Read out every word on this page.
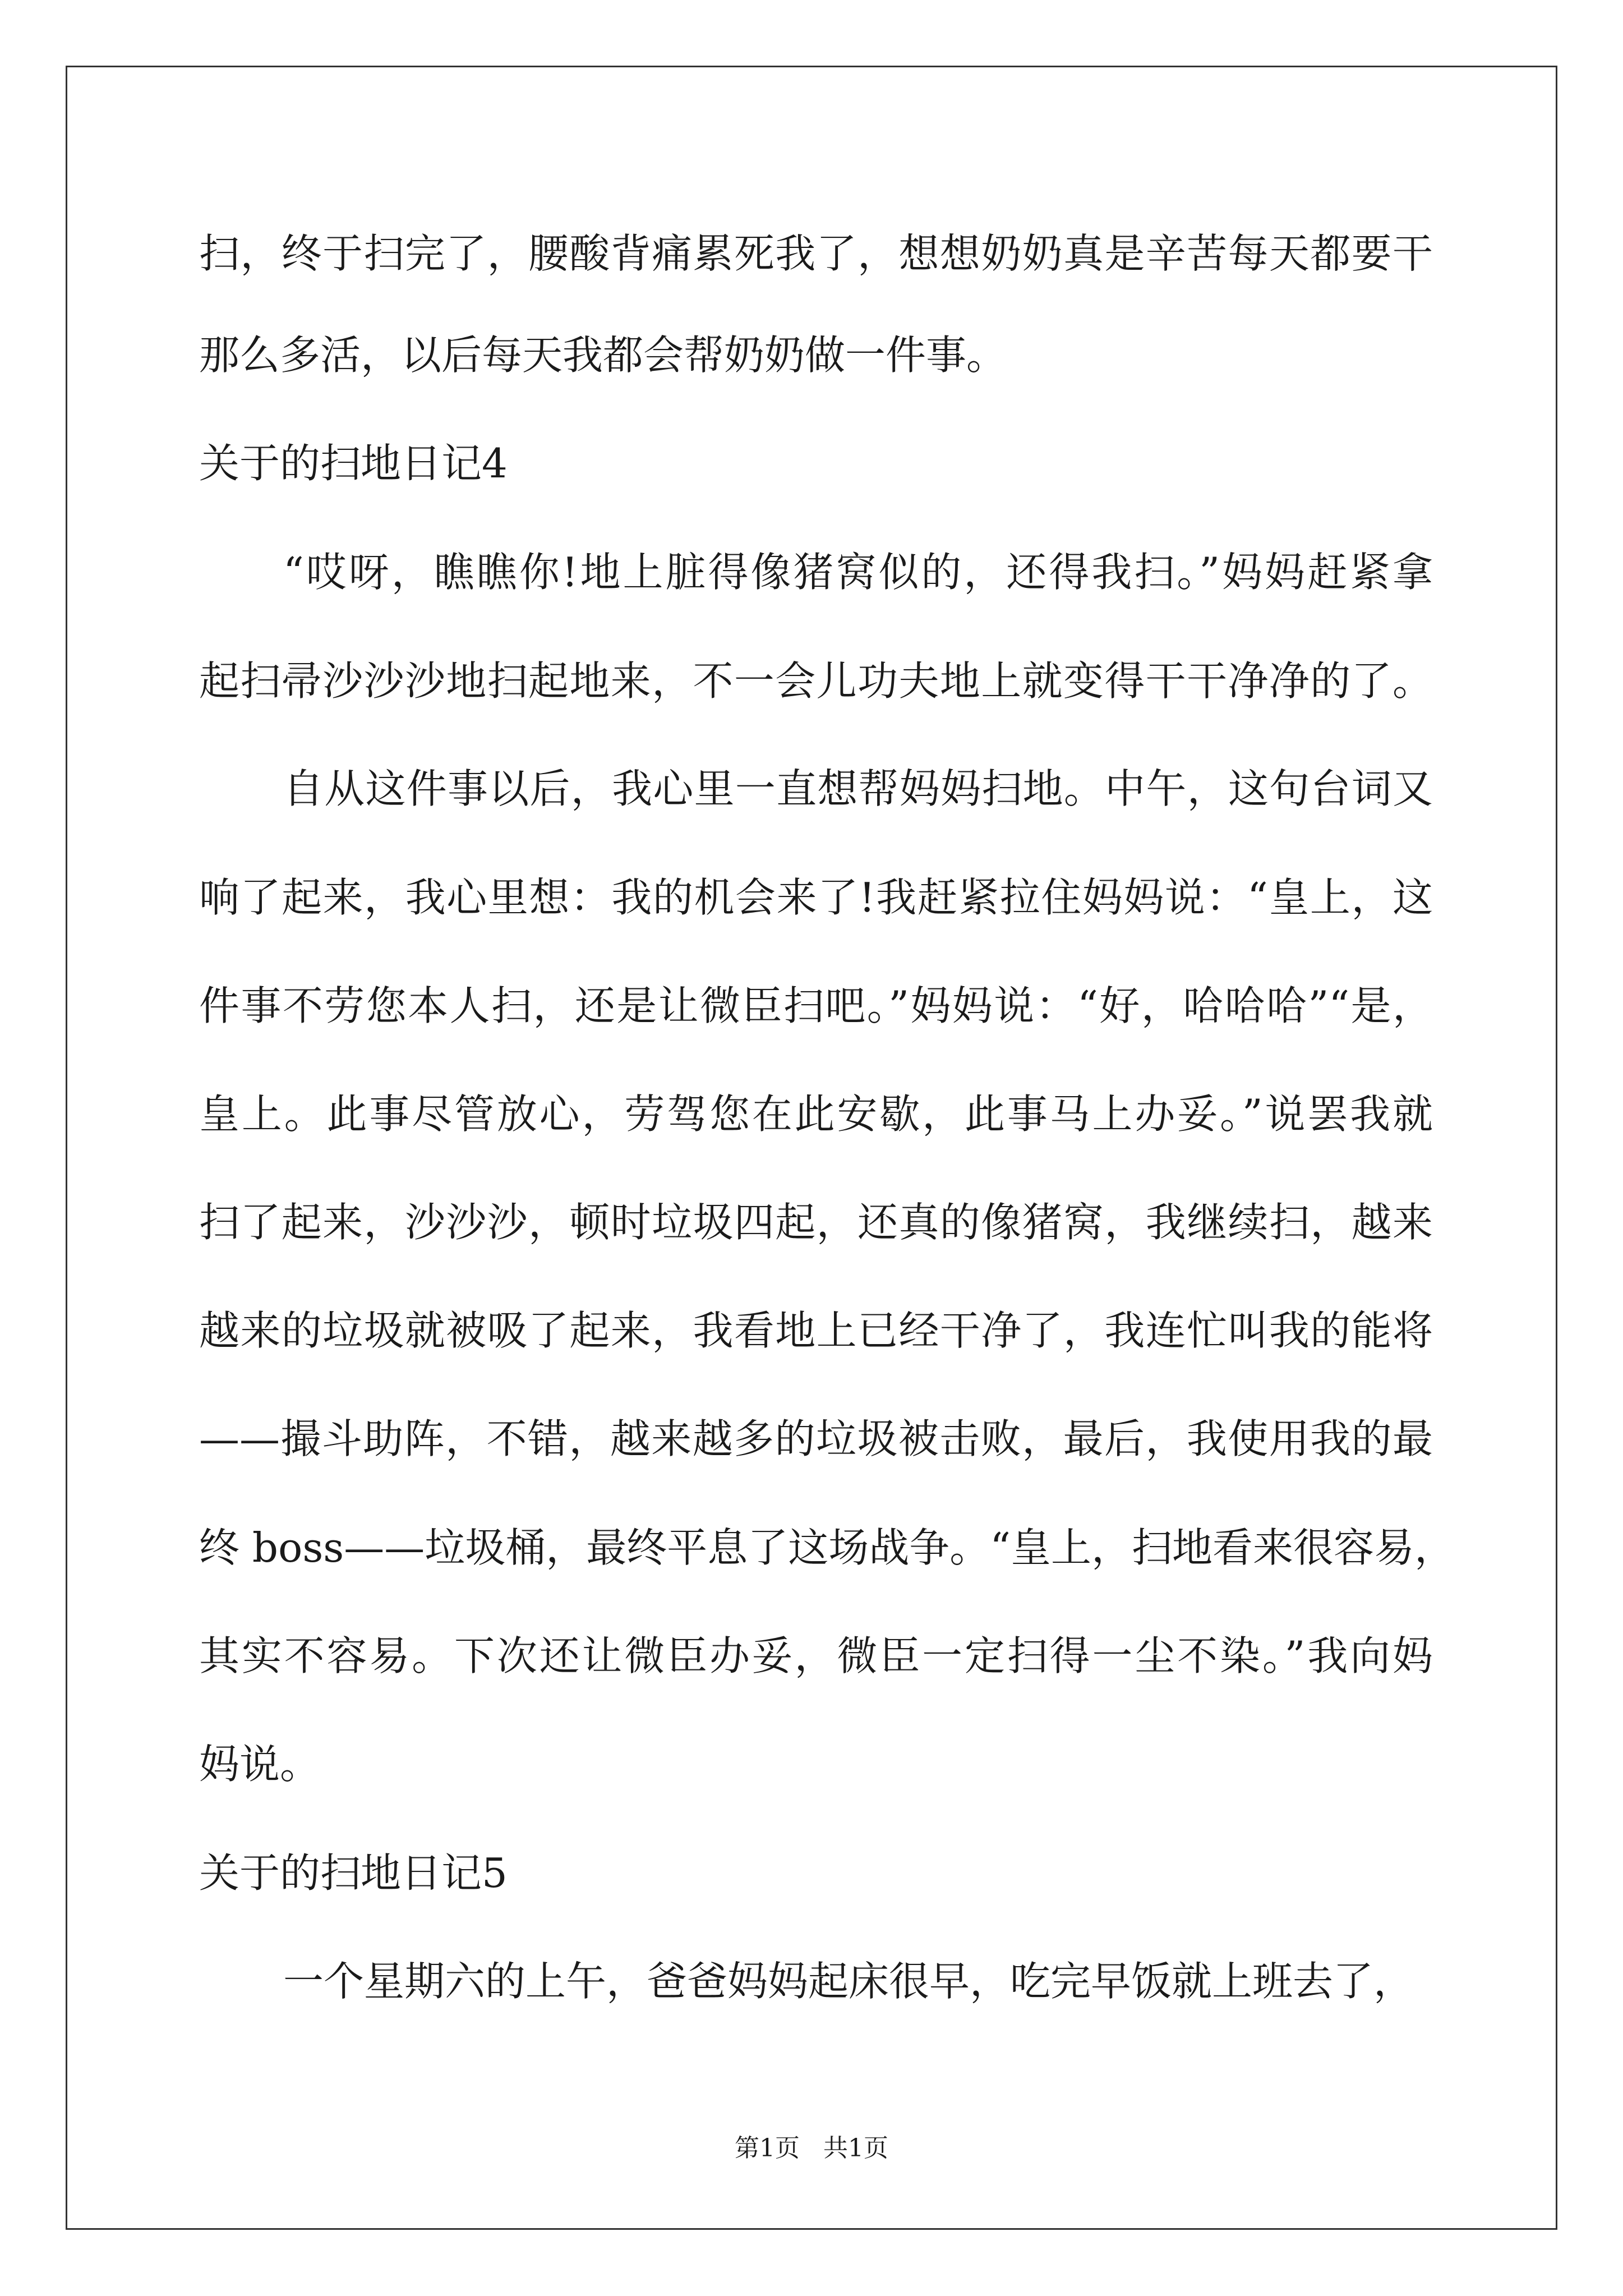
扫，终于扫完了，腰酸背痛累死我了，想想奶奶真是辛苦每天都要干
那么多活，以后每天我都会帮奶奶做一件事。
关于的扫地日记4
“哎呀，瞧瞧你!地上脏得像猪窝似的，还得我扫。”妈妈赶紧拿
起扫帚沙沙沙地扫起地来，不一会儿功夫地上就变得干干净净的了。
自从这件事以后，我心里一直想帮妈妈扫地。中午，这句台词又
响了起来，我心里想：我的机会来了!我赶紧拉住妈妈说：“皇上，这
件事不劳您本人扫，还是让微臣扫吧。”妈妈说：“好，哈哈哈”“是，
皇上。此事尽管放心，劳驾您在此安歇，此事马上办妥。”说罢我就
扫了起来，沙沙沙，顿时垃圾四起，还真的像猪窝，我继续扫，越来
越来的垃圾就被吸了起来，我看地上已经干净了，我连忙叫我的能将
——撮斗助阵，不错，越来越多的垃圾被击败，最后，我使用我的最
终 boss——垃圾桶，最终平息了这场战争。“皇上，扫地看来很容易，
其实不容易。下次还让微臣办妥，微臣一定扫得一尘不染。”我向妈
妈说。
关于的扫地日记5
一个星期六的上午，爸爸妈妈起床很早，吃完早饭就上班去了，
第1页   共1页
